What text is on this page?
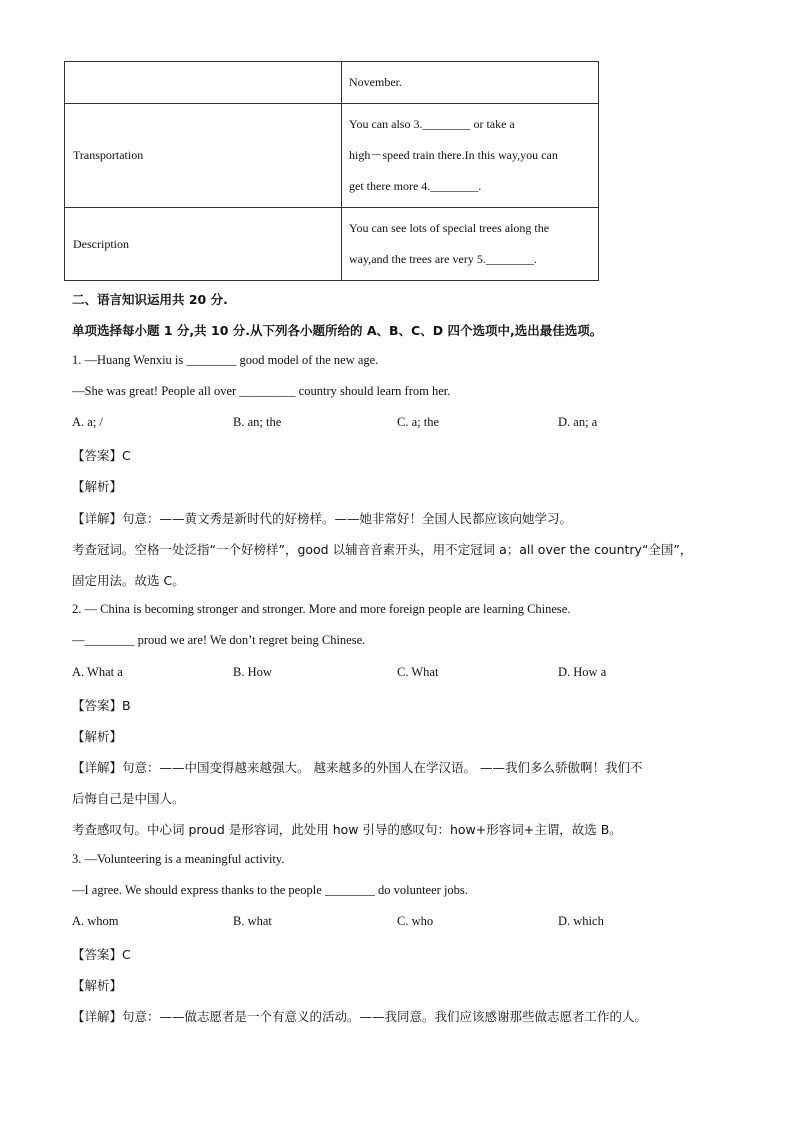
	November.

Transportation	You can also 3.________ or take a
high－speed train there.In this way,you can
get there more 4.________.

Description	You can see lots of special trees along the
way,and the trees are very 5.________.
二、语言知识运用共 20 分.
单项选择每小题 1 分,共 10 分.从下列各小题所给的 A、B、C、D 四个选项中,选出最佳选项。
1. —Huang Wenxiu is ________ good model of the new age.
—She was great! People all over _________ country should learn from her.
A. a; /	B. an; the	C. a; the	D. an; a
【答案】C
【解析】
【详解】句意：——黄文秀是新时代的好榜样。——她非常好！全国人民都应该向她学习。
考查冠词。空格一处泛指“一个好榜样”，good 以辅音音素开头，用不定冠词 a；all over the country“全国”，
固定用法。故选 C。
2. — China is becoming stronger and stronger. More and more foreign people are learning Chinese.
—________ proud we are! We don’t regret being Chinese.
A. What a	B. How	C. What	D. How a
【答案】B
【解析】
【详解】句意：——中国变得越来越强大。 越来越多的外国人在学汉语。 ——我们多么骄傲啊！我们不
后悔自己是中国人。
考查感叹句。中心词 proud 是形容词，此处用 how 引导的感叹句：how+形容词+主谓，故选 B。
3. —Volunteering is a meaningful activity.
—I agree. We should express thanks to the people ________ do volunteer jobs.
A. whom	B. what	C. who	D. which
【答案】C
【解析】
【详解】句意：——做志愿者是一个有意义的活动。——我同意。我们应该感谢那些做志愿者工作的人。
